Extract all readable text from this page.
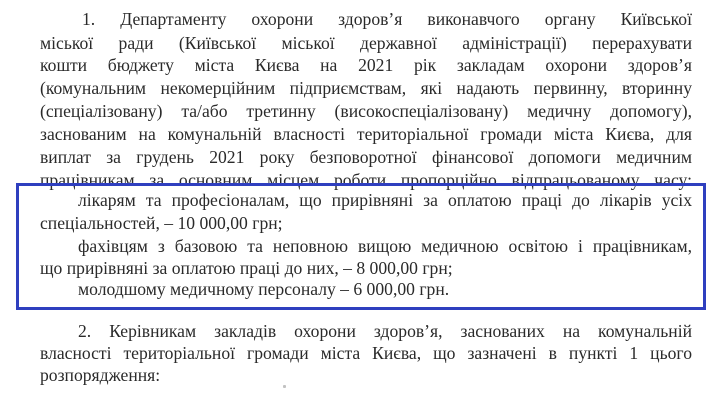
1. Департаменту охорони здоров’я виконавчого органу Київської
міської ради (Київської міської державної адміністрації) перерахувати
кошти бюджету міста Києва на 2021 рік закладам охорони здоров’я
(комунальним некомерційним підприємствам, які надають первинну, вторинну
(спеціалізовану) та/або третинну (високоспеціалізовану) медичну допомогу),
заснованим на комунальній власності територіальної громади міста Києва, для
виплат за грудень 2021 року безповоротної фінансової допомоги медичним
працівникам за основним місцем роботи пропорційно відпрацьованому часу:
лікарям та професіоналам, що прирівняні за оплатою праці до лікарів усіх
спеціальностей, – 10 000,00 грн;
фахівцям з базовою та неповною вищою медичною освітою і працівникам,
що прирівняні за оплатою праці до них, – 8 000,00 грн;
молодшому медичному персоналу – 6 000,00 грн.
2. Керівникам закладів охорони здоров’я, заснованих на комунальній
власності територіальної громади міста Києва, що зазначені в пункті 1 цього
розпорядження:
